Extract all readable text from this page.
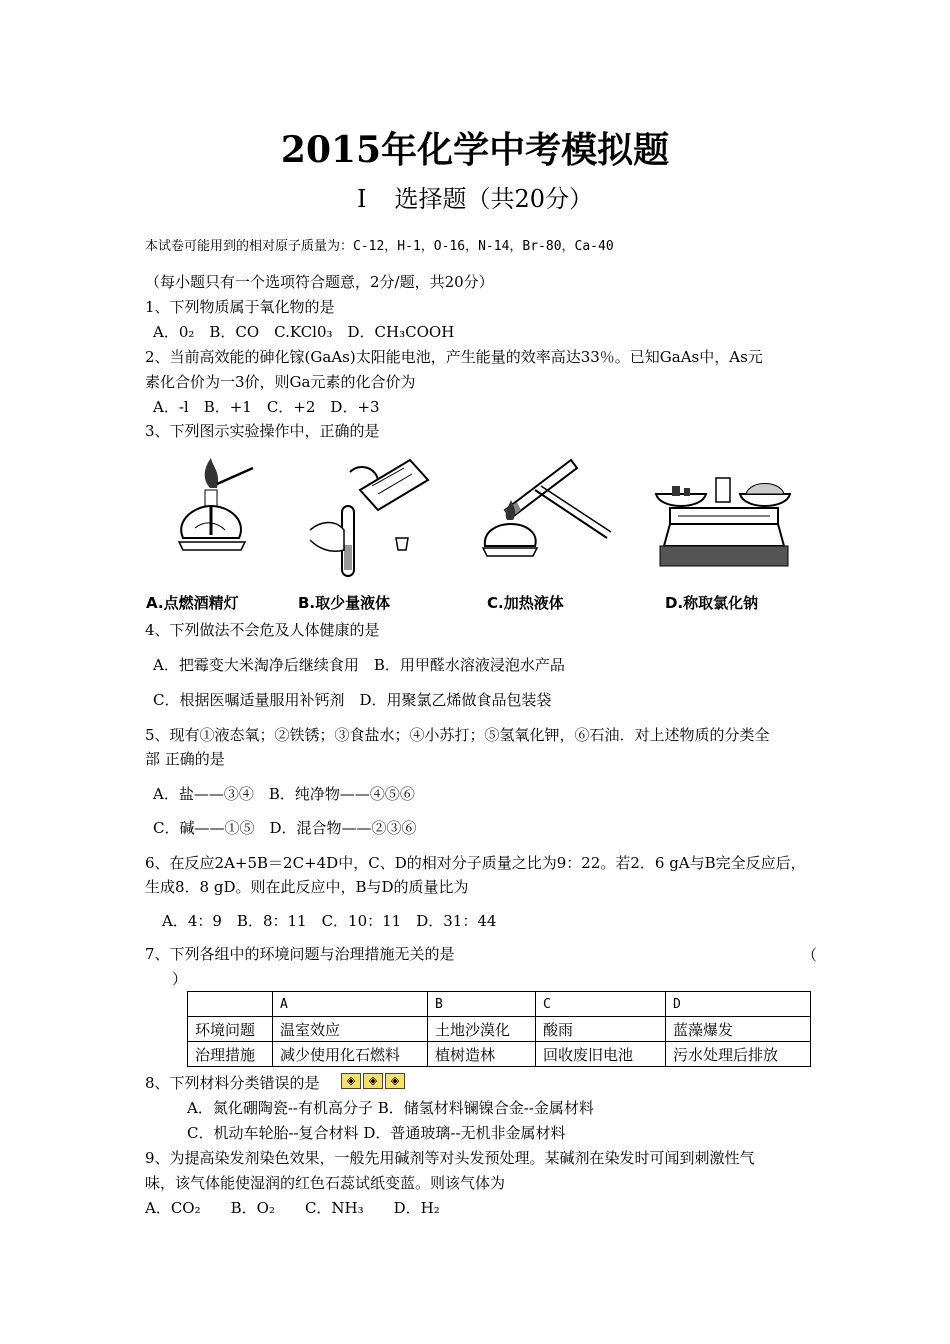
2015年化学中考模拟题
Ⅰ 选择题（共20分）
本试卷可能用到的相对原子质量为：C-12，H-1，O-16，N-14，Br-80，Ca-40
（每小题只有一个选项符合题意，2分/题，共20分）
1、下列物质属于氧化物的是
A．0₂　B．CO　C.KCl0₃　D．CH₃COOH
2、当前高效能的砷化镓(GaAs)太阳能电池，产生能量的效率高达33％。已知GaAs中，As元
素化合价为一3价，则Ga元素的化合价为
A．-l　B．+1　C．+2　D．+3
3、下列图示实验操作中，正确的是
A.点燃酒精灯	B.取少量液体	C.加热液体	D.称取氯化钠
4、下列做法不会危及人体健康的是
A．把霉变大米淘净后继续食用　B．用甲醛水溶液浸泡水产品
C．根据医嘱适量服用补钙剂　D．用聚氯乙烯做食品包装袋
5、现有①液态氧；②铁锈；③食盐水；④小苏打；⑤氢氧化钾，⑥石油．对上述物质的分类全
部 正确的是
A．盐——③④　B．纯净物——④⑤⑥
C．碱——①⑤　D．混合物——②③⑥
6、在反应2A+5B＝2C+4D中，C、D的相对分子质量之比为9：22。若2．6 gA与B完全反应后，
生成8．8 gD。则在此反应中，B与D的质量比为
A．4：9　B．8：11　C．10：11　D．31：44
7、下列各组中的环境问题与治理措施无关的是	（
）
	A	B	C	D
环境问题	温室效应	土地沙漠化	酸雨	蓝藻爆发
治理措施	减少使用化石燃料	植树造林	回收废旧电池	污水处理后排放
8、下列材料分类错误的是	◈	◈	◈
A．氮化硼陶瓷--有机高分子 B．储氢材料镧镍合金--金属材料
C．机动车轮胎--复合材料 D．普通玻璃--无机非金属材料
9、为提高染发剂染色效果，一般先用碱剂等对头发预处理。某碱剂在染发时可闻到刺激性气
味，该气体能使湿润的红色石蕊试纸变蓝。则该气体为
A．CO₂　　B．O₂　　C．NH₃　　D．H₂
